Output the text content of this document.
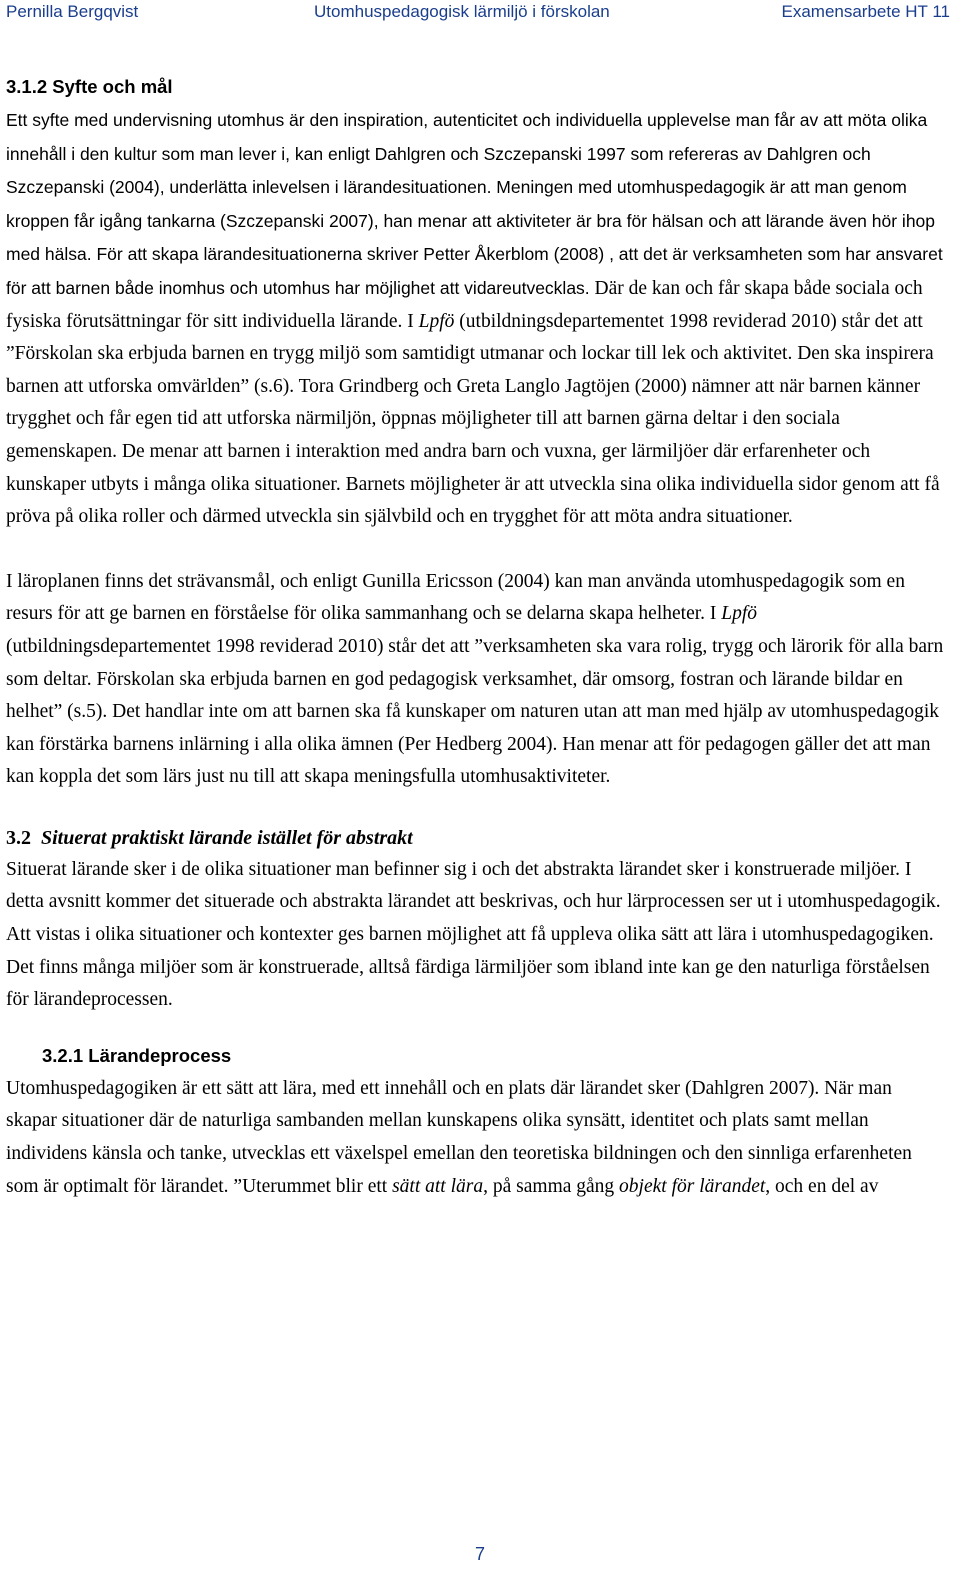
Pernilla Bergqvist	Utomhuspedagogisk lärmiljö i förskolan	Examensarbete HT 11
3.1.2 Syfte och mål

Ett syfte med undervisning utomhus är den inspiration, autenticitet och individuella upplevelse man får av att möta olika innehåll i den kultur som man lever i, kan enligt Dahlgren och Szczepanski 1997 som refereras av Dahlgren och Szczepanski (2004), underlätta inlevelsen i lärandesituationen. Meningen med utomhuspedagogik är att man genom kroppen får igång tankarna (Szczepanski 2007), han menar att aktiviteter är bra för hälsan och att lärande även hör ihop med hälsa. För att skapa lärandesituationerna skriver Petter Åkerblom (2008) , att det är verksamheten som har ansvaret för att barnen både inomhus och utomhus har möjlighet att vidareutvecklas. Där de kan och får skapa både sociala och fysiska förutsättningar för sitt individuella lärande. I Lpfö (utbildningsdepartementet 1998 reviderad 2010) står det att ”Förskolan ska erbjuda barnen en trygg miljö som samtidigt utmanar och lockar till lek och aktivitet. Den ska inspirera barnen att utforska omvärlden” (s.6). Tora Grindberg och Greta Langlo Jagtöjen (2000) nämner att när barnen känner trygghet och får egen tid att utforska närmiljön, öppnas möjligheter till att barnen gärna deltar i den sociala gemenskapen. De menar att barnen i interaktion med andra barn och vuxna, ger lärmiljöer där erfarenheter och kunskaper utbyts i många olika situationer. Barnets möjligheter är att utveckla sina olika individuella sidor genom att få pröva på olika roller och därmed utveckla sin självbild och en trygghet för att möta andra situationer.

I läroplanen finns det strävansmål, och enligt Gunilla Ericsson (2004) kan man använda utomhuspedagogik som en resurs för att ge barnen en förståelse för olika sammanhang och se delarna skapa helheter. I Lpfö (utbildningsdepartementet 1998 reviderad 2010) står det att ”verksamheten ska vara rolig, trygg och lärorik för alla barn som deltar. Förskolan ska erbjuda barnen en god pedagogisk verksamhet, där omsorg, fostran och lärande bildar en helhet” (s.5). Det handlar inte om att barnen ska få kunskaper om naturen utan att man med hjälp av utomhuspedagogik kan förstärka barnens inlärning i alla olika ämnen (Per Hedberg 2004). Han menar att för pedagogen gäller det att man kan koppla det som lärs just nu till att skapa meningsfulla utomhusaktiviteter.

3.2 Situerat praktiskt lärande istället för abstrakt

Situerat lärande sker i de olika situationer man befinner sig i och det abstrakta lärandet sker i konstruerade miljöer. I detta avsnitt kommer det situerade och abstrakta lärandet att beskrivas, och hur lärprocessen ser ut i utomhuspedagogik. Att vistas i olika situationer och kontexter ges barnen möjlighet att få uppleva olika sätt att lära i utomhuspedagogiken. Det finns många miljöer som är konstruerade, alltså färdiga lärmiljöer som ibland inte kan ge den naturliga förståelsen för lärandeprocessen.

3.2.1 Lärandeprocess

Utomhuspedagogiken är ett sätt att lära, med ett innehåll och en plats där lärandet sker (Dahlgren 2007). När man skapar situationer där de naturliga sambanden mellan kunskapens olika synsätt, identitet och plats samt mellan individens känsla och tanke, utvecklas ett växelspel emellan den teoretiska bildningen och den sinnliga erfarenheten som är optimalt för lärandet. ”Uterummet blir ett sätt att lära, på samma gång objekt för lärandet, och en del av

7
